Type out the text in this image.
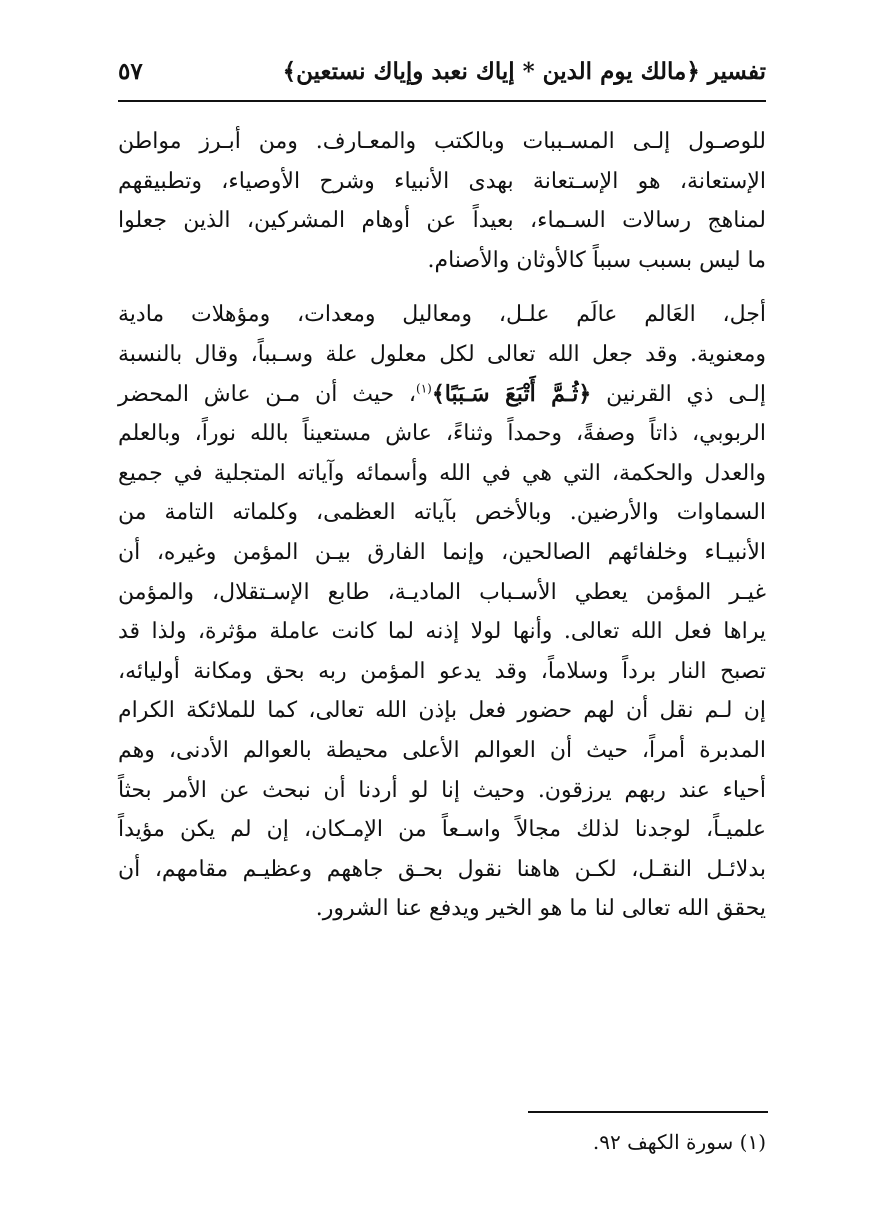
تفسير ﴿مالك يوم الدين * إياك نعبد وإياك نستعين﴾
٥٧
للوصـول إلـى المسـببات وبالكتب والمعـارف. ومن أبـرز مواطن
الإستعانة، هو الإسـتعانة بهدى الأنبياء وشرح الأوصياء، وتطبيقهم
لمناهج رسالات السـماء، بعيداً عن أوهام المشركين، الذين جعلوا
ما ليس بسبب سبباً كالأوثان والأصنام.
أجل، العَالم عالَم علـل، ومعاليل ومعدات، ومؤهلات مادية
ومعنوية. وقد جعل الله تعالى لكل معلول علة وسـبباً، وقال بالنسبة
إلـى ذي القرنين ﴿ثُـمَّ أَتْبَعَ سَـبَبًا﴾$^{(١)}$، حيث أن مـن عاش المحضر
الربوبي، ذاتاً وصفةً، وحمداً وثناءً، عاش مستعيناً بالله نوراً، وبالعلم
والعدل والحكمة، التي هي في الله وأسمائه وآياته المتجلية في جميع
السماوات والأرضين. وبالأخص بآياته العظمى، وكلماته التامة من
الأنبيـاء وخلفائهم الصالحين، وإنما الفارق بيـن المؤمن وغيره، أن
غيـر المؤمن يعطي الأسـباب الماديـة، طابع الإسـتقلال، والمؤمن
يراها فعل الله تعالى. وأنها لولا إذنه لما كانت عاملة مؤثرة، ولذا قد
تصبح النار برداً وسلاماً، وقد يدعو المؤمن ربه بحق ومكانة أوليائه،
إن لـم نقل أن لهم حضور فعل بإذن الله تعالى، كما للملائكة الكرام
المدبرة أمراً، حيث أن العوالم الأعلى محيطة بالعوالم الأدنى، وهم
أحياء عند ربهم يرزقون. وحيث إنا لو أردنا أن نبحث عن الأمر بحثاً
علميـاً، لوجدنا لذلك مجالاً واسـعاً من الإمـكان، إن لم يكن مؤيداً
بدلائـل النقـل، لكـن هاهنا نقول بحـق جاههم وعظيـم مقامهم، أن
يحقق الله تعالى لنا ما هو الخير ويدفع عنا الشرور.
(١) سورة الكهف ٩٢.
